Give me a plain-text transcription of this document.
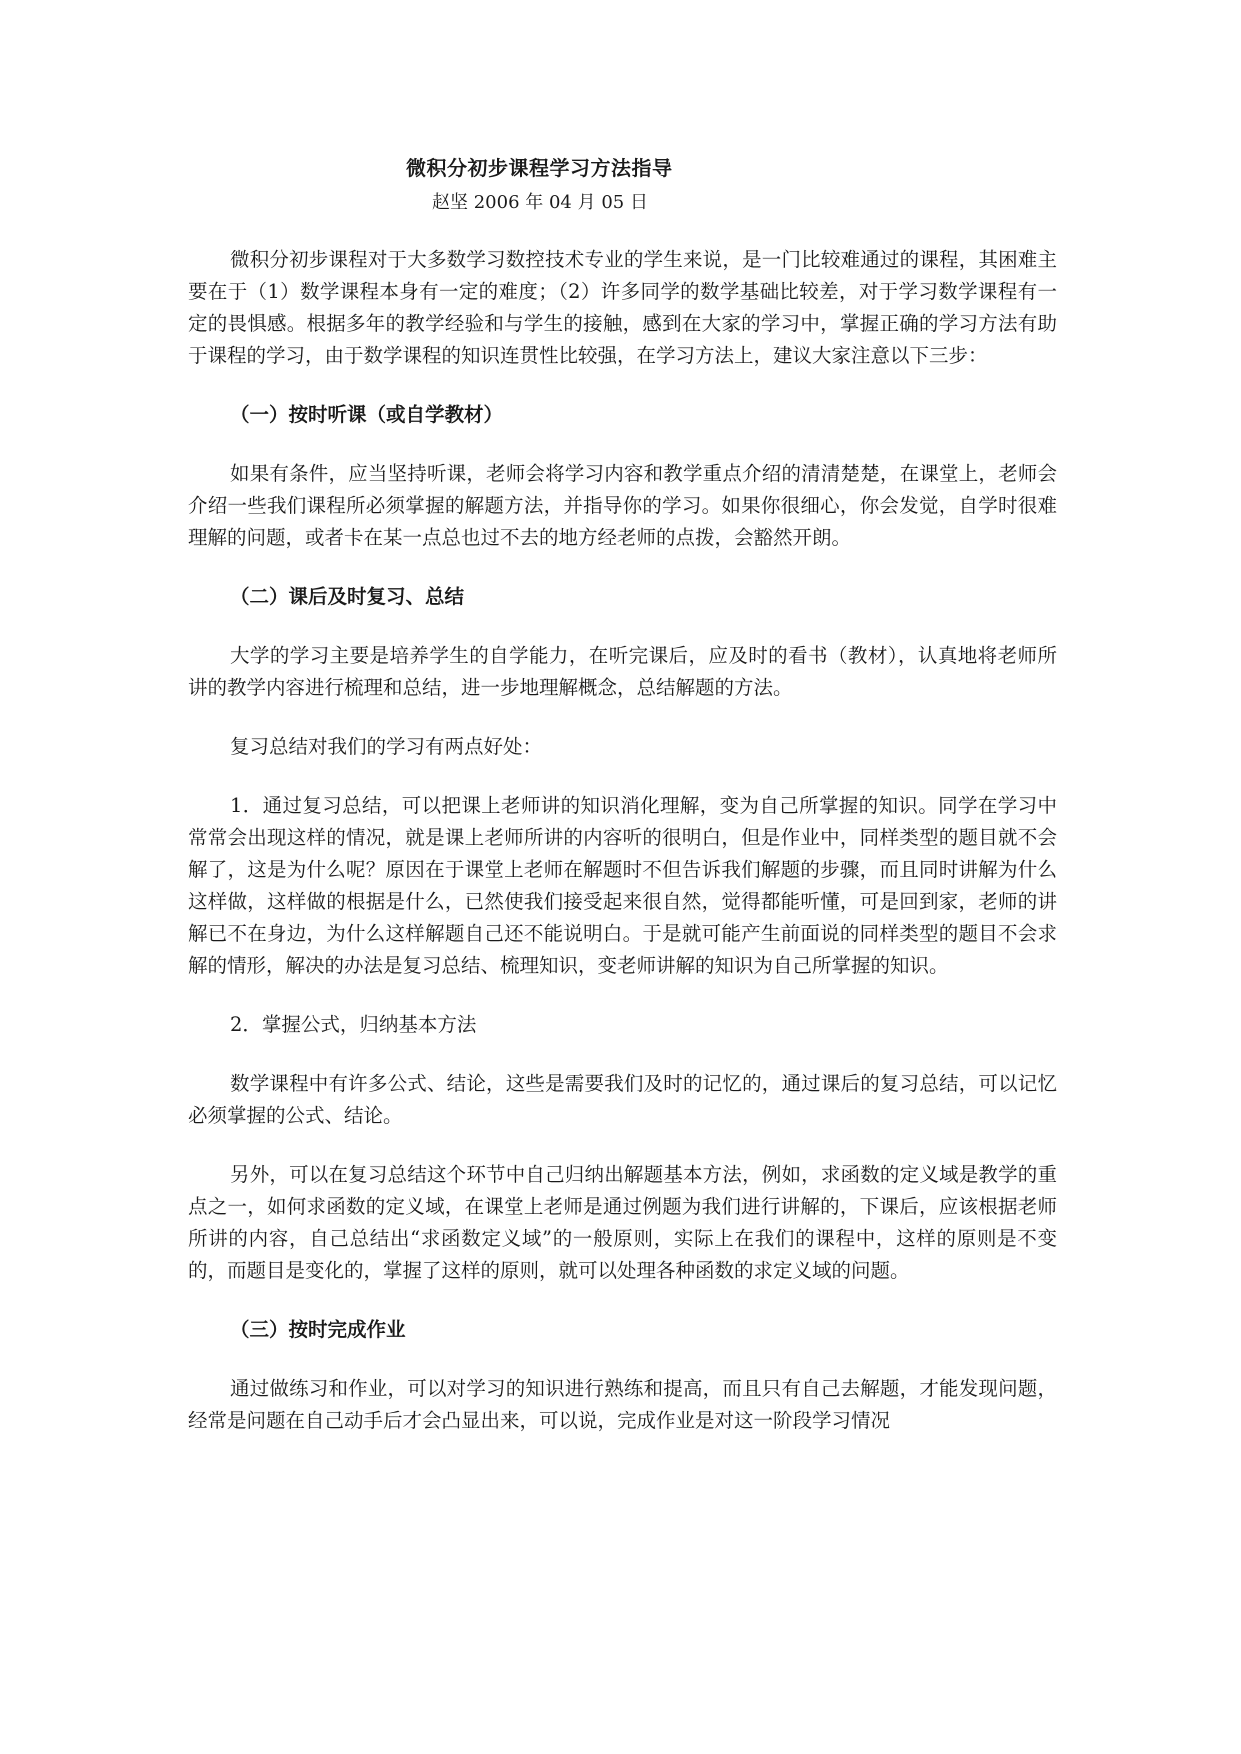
微积分初步课程学习方法指导
赵坚 2006 年 04 月 05 日

微积分初步课程对于大多数学习数控技术专业的学生来说，是一门比较难通过的课程，其困难主要在于（1）数学课程本身有一定的难度；（2）许多同学的数学基础比较差，对于学习数学课程有一定的畏惧感。根据多年的教学经验和与学生的接触，感到在大家的学习中，掌握正确的学习方法有助于课程的学习，由于数学课程的知识连贯性比较强，在学习方法上，建议大家注意以下三步：

（一）按时听课（或自学教材）

如果有条件，应当坚持听课，老师会将学习内容和教学重点介绍的清清楚楚，在课堂上，老师会介绍一些我们课程所必须掌握的解题方法，并指导你的学习。如果你很细心，你会发觉，自学时很难理解的问题，或者卡在某一点总也过不去的地方经老师的点拨，会豁然开朗。

（二）课后及时复习、总结

大学的学习主要是培养学生的自学能力，在听完课后，应及时的看书（教材），认真地将老师所讲的教学内容进行梳理和总结，进一步地理解概念，总结解题的方法。

复习总结对我们的学习有两点好处：

1．通过复习总结，可以把课上老师讲的知识消化理解，变为自己所掌握的知识。同学在学习中常常会出现这样的情况，就是课上老师所讲的内容听的很明白，但是作业中，同样类型的题目就不会解了，这是为什么呢？原因在于课堂上老师在解题时不但告诉我们解题的步骤，而且同时讲解为什么这样做，这样做的根据是什么，已然使我们接受起来很自然，觉得都能听懂，可是回到家，老师的讲解已不在身边，为什么这样解题自己还不能说明白。于是就可能产生前面说的同样类型的题目不会求解的情形，解决的办法是复习总结、梳理知识，变老师讲解的知识为自己所掌握的知识。

2．掌握公式，归纳基本方法

数学课程中有许多公式、结论，这些是需要我们及时的记忆的，通过课后的复习总结，可以记忆必须掌握的公式、结论。

另外，可以在复习总结这个环节中自己归纳出解题基本方法，例如，求函数的定义域是教学的重点之一，如何求函数的定义域，在课堂上老师是通过例题为我们进行讲解的，下课后，应该根据老师所讲的内容，自己总结出“求函数定义域”的一般原则，实际上在我们的课程中，这样的原则是不变的，而题目是变化的，掌握了这样的原则，就可以处理各种函数的求定义域的问题。

（三）按时完成作业

通过做练习和作业，可以对学习的知识进行熟练和提高，而且只有自己去解题，才能发现问题，经常是问题在自己动手后才会凸显出来，可以说，完成作业是对这一阶段学习情况
